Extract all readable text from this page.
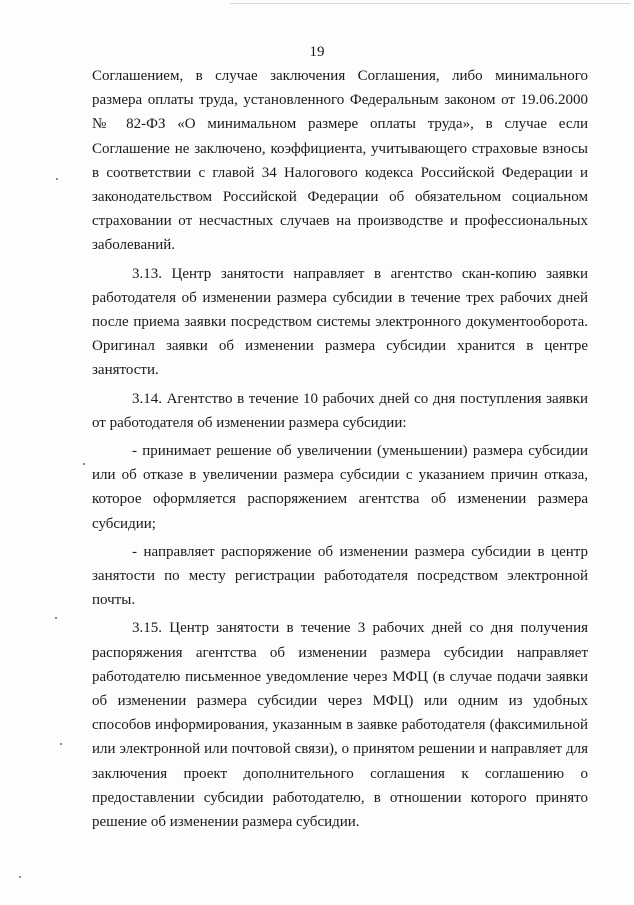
19

Соглашением, в случае заключения Соглашения, либо минимального размера оплаты труда, установленного Федеральным законом от 19.06.2000 № 82-ФЗ «О минимальном размере оплаты труда», в случае если Соглашение не заключено, коэффициента, учитывающего страховые взносы в соответствии с главой 34 Налогового кодекса Российской Федерации и законодательством Российской Федерации об обязательном социальном страховании от несчастных случаев на производстве и профессиональных заболеваний.

3.13. Центр занятости направляет в агентство скан-копию заявки работодателя об изменении размера субсидии в течение трех рабочих дней после приема заявки посредством системы электронного документооборота. Оригинал заявки об изменении размера субсидии хранится в центре занятости.

3.14. Агентство в течение 10 рабочих дней со дня поступления заявки от работодателя об изменении размера субсидии:

- принимает решение об увеличении (уменьшении) размера субсидии или об отказе в увеличении размера субсидии с указанием причин отказа, которое оформляется распоряжением агентства об изменении размера субсидии;

- направляет распоряжение об изменении размера субсидии в центр занятости по месту регистрации работодателя посредством электронной почты.

3.15. Центр занятости в течение 3 рабочих дней со дня получения распоряжения агентства об изменении размера субсидии направляет работодателю письменное уведомление через МФЦ (в случае подачи заявки об изменении размера субсидии через МФЦ) или одним из удобных способов информирования, указанным в заявке работодателя (факсимильной или электронной или почтовой связи), о принятом решении и направляет для заключения проект дополнительного соглашения к соглашению о предоставлении субсидии работодателю, в отношении которого принято решение об изменении размера субсидии.
